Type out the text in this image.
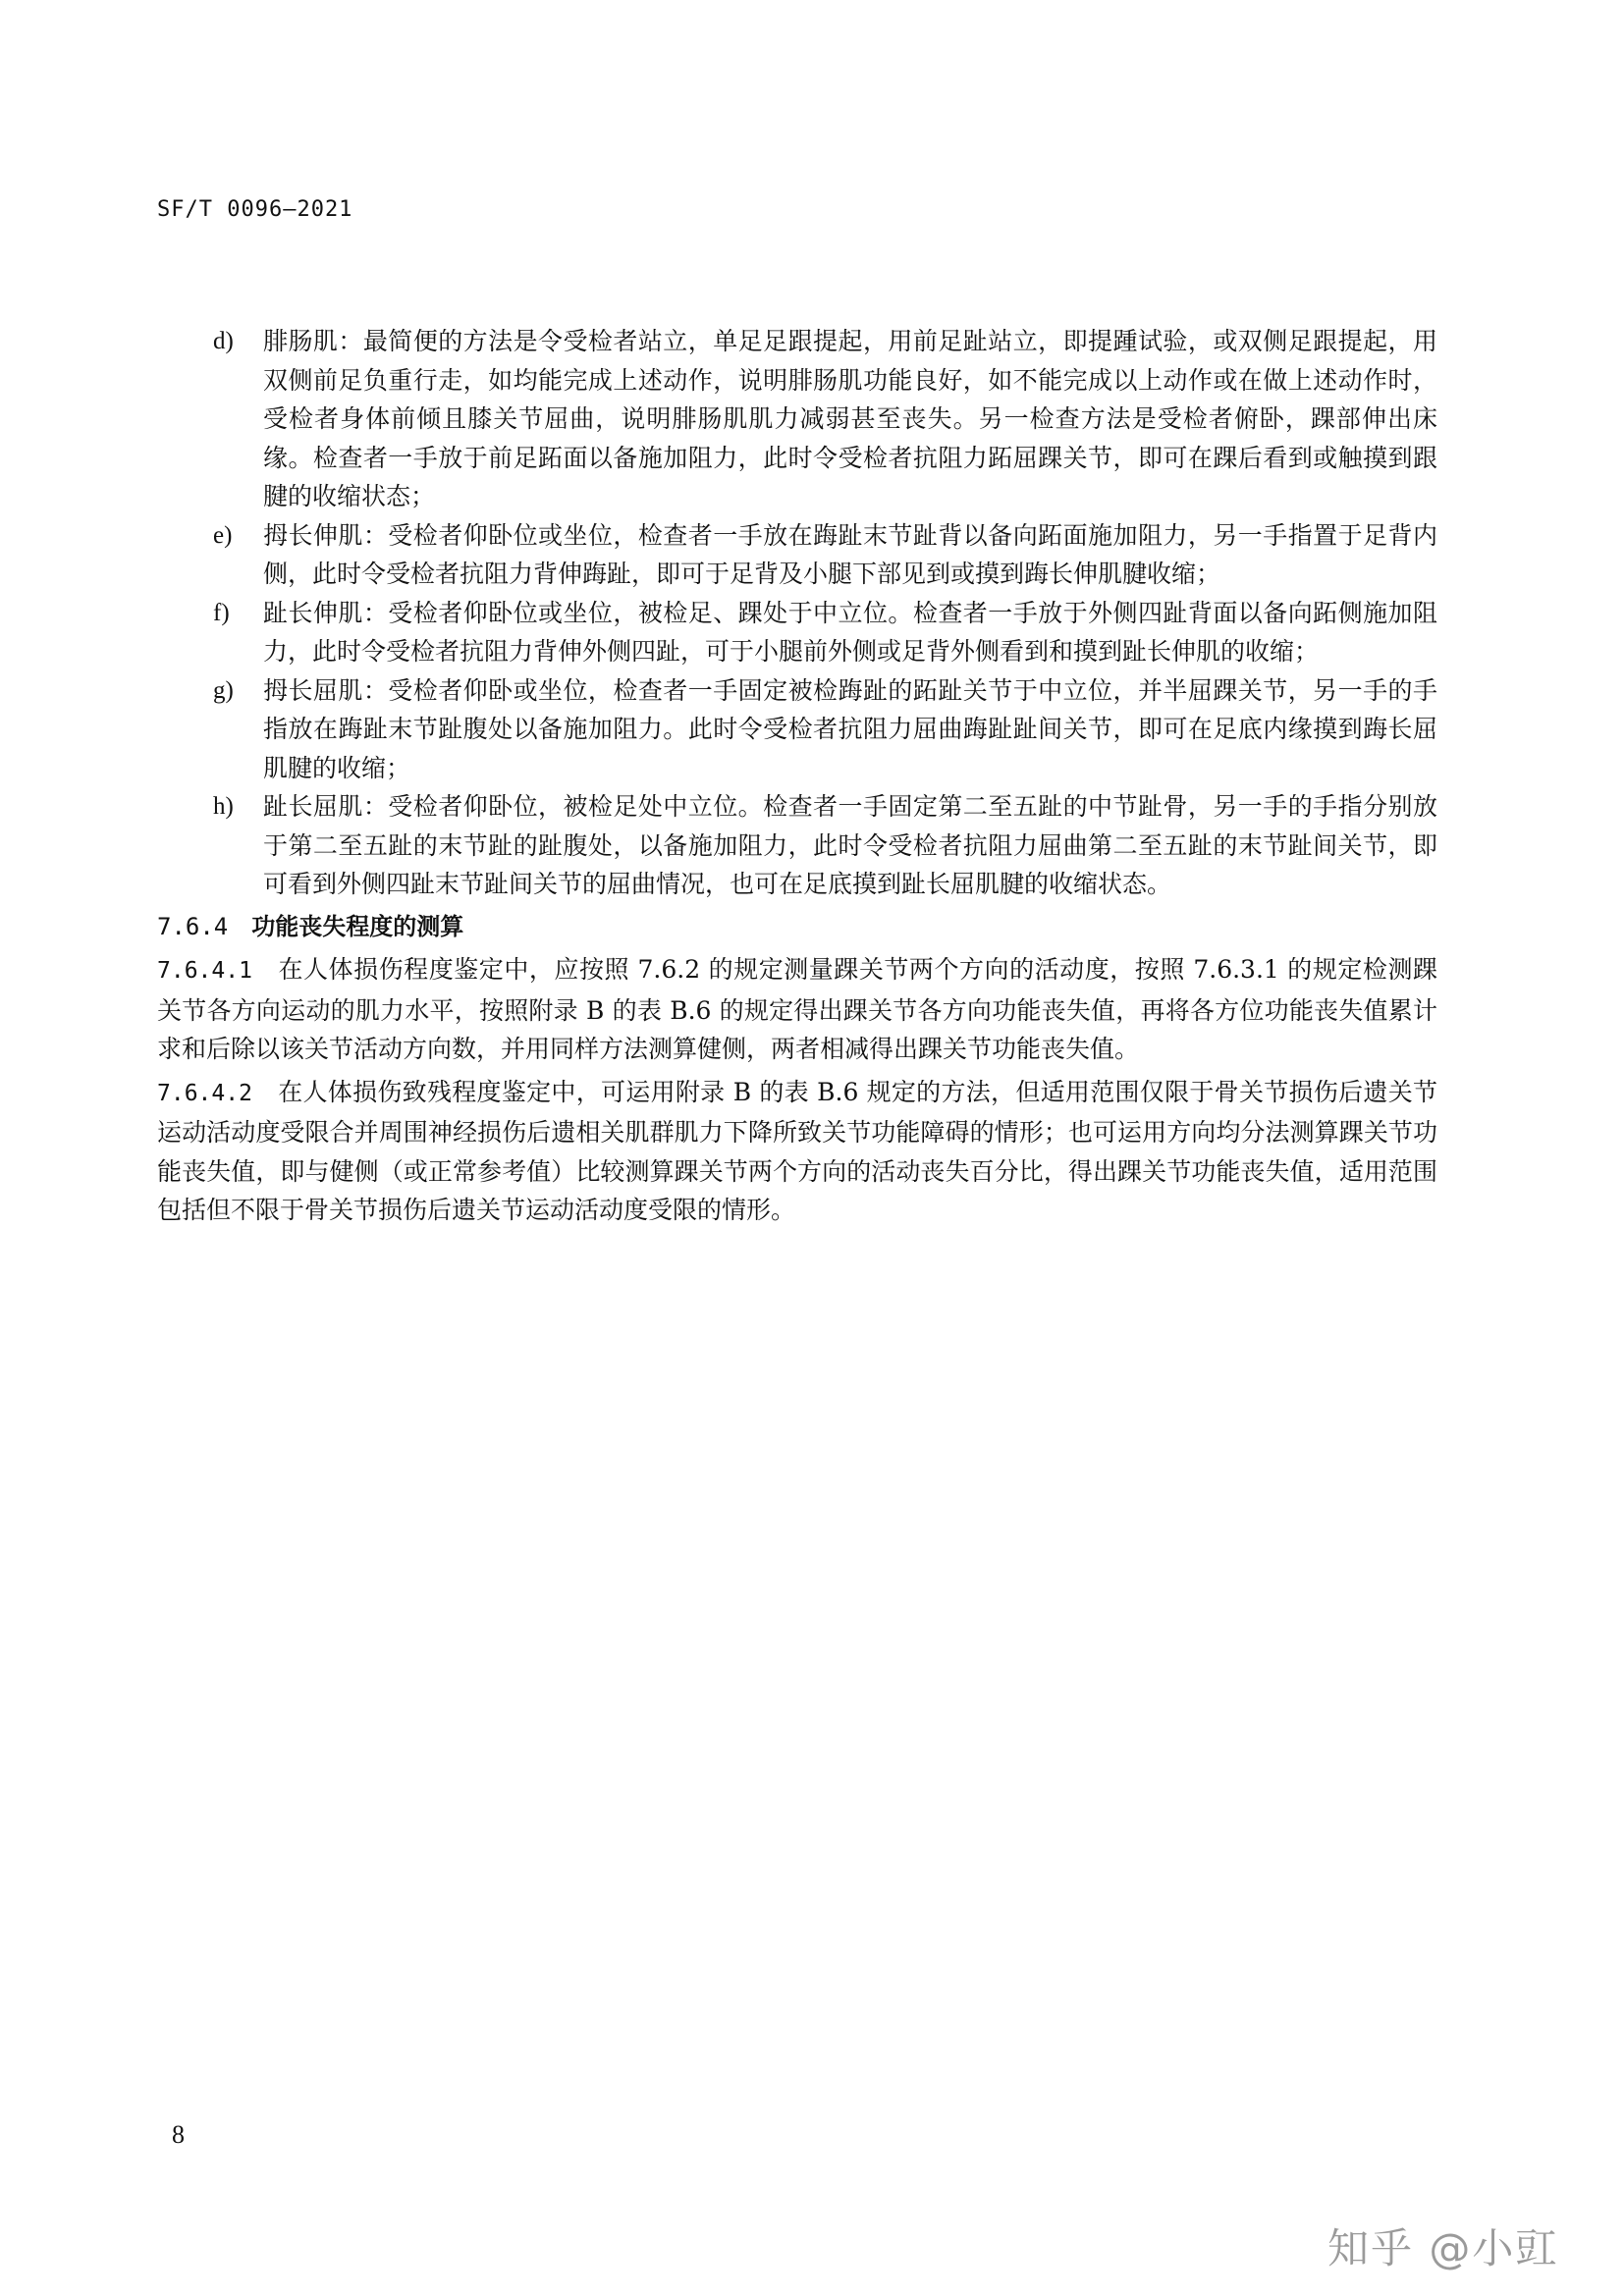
SF/T 0096—2021
d) 腓肠肌：最简便的方法是令受检者站立，单足足跟提起，用前足趾站立，即提踵试验，或双侧足跟提起，用双侧前足负重行走，如均能完成上述动作，说明腓肠肌功能良好，如不能完成以上动作或在做上述动作时，受检者身体前倾且膝关节屈曲，说明腓肠肌肌力减弱甚至丧失。另一检查方法是受检者俯卧，踝部伸出床缘。检查者一手放于前足跖面以备施加阻力，此时令受检者抗阻力跖屈踝关节，即可在踝后看到或触摸到跟腱的收缩状态；
e) 拇长伸肌：受检者仰卧位或坐位，检查者一手放在踇趾末节趾背以备向跖面施加阻力，另一手指置于足背内侧，此时令受检者抗阻力背伸踇趾，即可于足背及小腿下部见到或摸到踇长伸肌腱收缩；
f) 趾长伸肌：受检者仰卧位或坐位，被检足、踝处于中立位。检查者一手放于外侧四趾背面以备向跖侧施加阻力，此时令受检者抗阻力背伸外侧四趾，可于小腿前外侧或足背外侧看到和摸到趾长伸肌的收缩；
g) 拇长屈肌：受检者仰卧或坐位，检查者一手固定被检踇趾的跖趾关节于中立位，并半屈踝关节，另一手的手指放在踇趾末节趾腹处以备施加阻力。此时令受检者抗阻力屈曲踇趾趾间关节，即可在足底内缘摸到踇长屈肌腱的收缩；
h) 趾长屈肌：受检者仰卧位，被检足处中立位。检查者一手固定第二至五趾的中节趾骨，另一手的手指分别放于第二至五趾的末节趾的趾腹处，以备施加阻力，此时令受检者抗阻力屈曲第二至五趾的末节趾间关节，即可看到外侧四趾末节趾间关节的屈曲情况，也可在足底摸到趾长屈肌腱的收缩状态。
7.6.4 功能丧失程度的测算

7.6.4.1 在人体损伤程度鉴定中，应按照 7.6.2 的规定测量踝关节两个方向的活动度，按照 7.6.3.1 的规定检测踝关节各方向运动的肌力水平，按照附录 B 的表 B.6 的规定得出踝关节各方向功能丧失值，再将各方位功能丧失值累计求和后除以该关节活动方向数，并用同样方法测算健侧，两者相减得出踝关节功能丧失值。

7.6.4.2 在人体损伤致残程度鉴定中，可运用附录 B 的表 B.6 规定的方法，但适用范围仅限于骨关节损伤后遗关节运动活动度受限合并周围神经损伤后遗相关肌群肌力下降所致关节功能障碍的情形；也可运用方向均分法测算踝关节功能丧失值，即与健侧（或正常参考值）比较测算踝关节两个方向的活动丧失百分比，得出踝关节功能丧失值，适用范围包括但不限于骨关节损伤后遗关节运动活动度受限的情形。

8
知乎 @小豇
